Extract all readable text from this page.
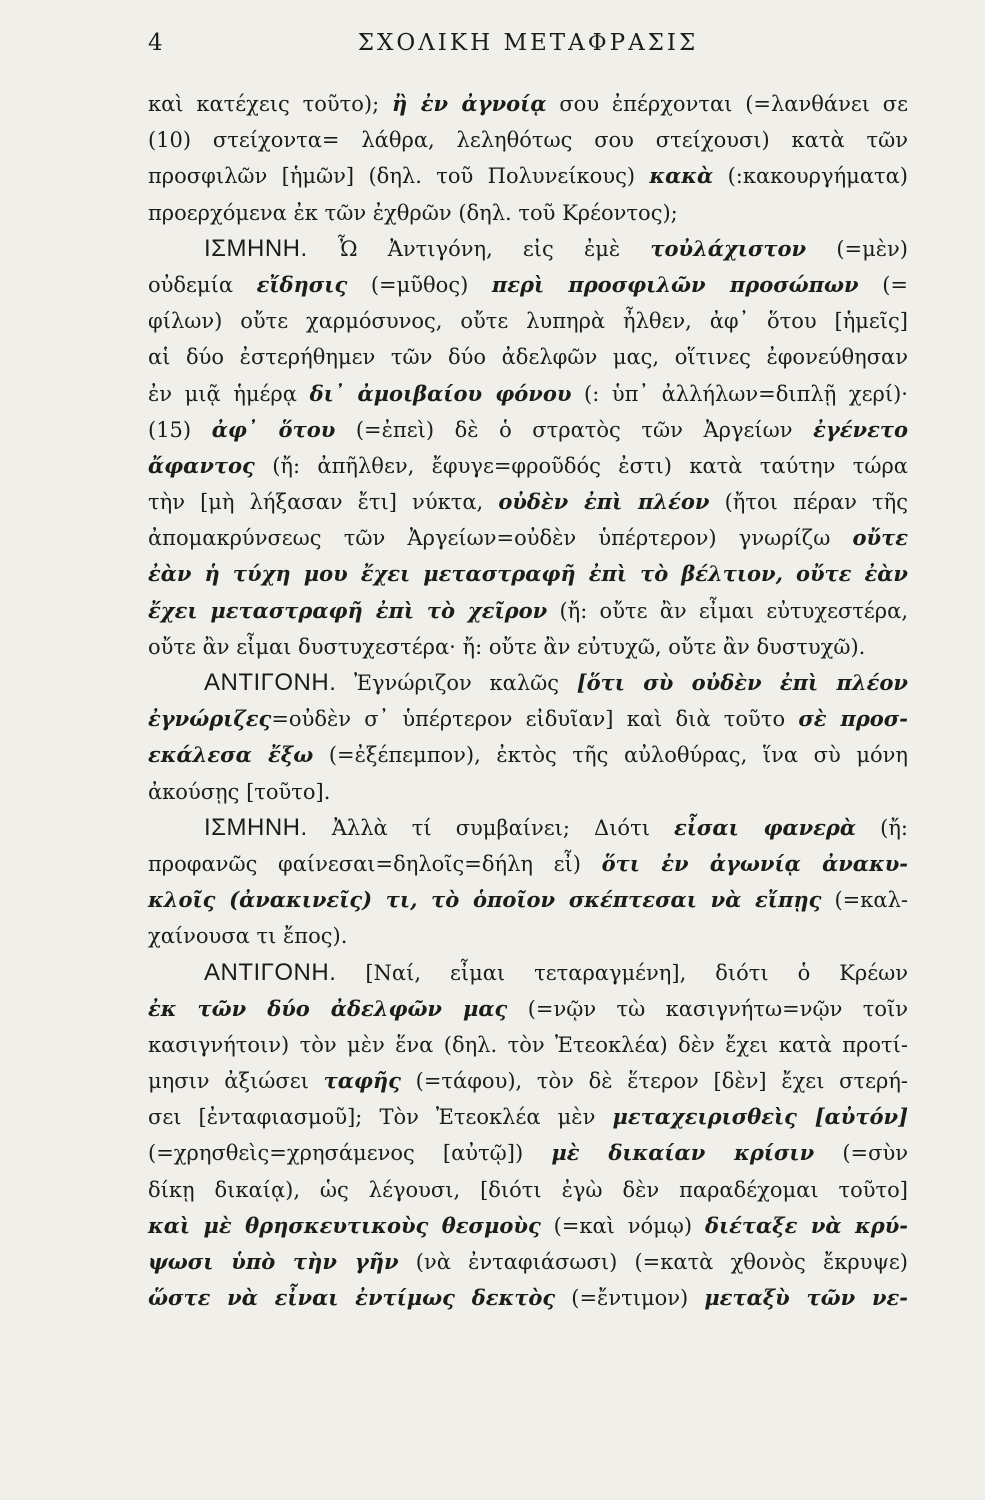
4	ΣΧΟΛΙΚΗ ΜΕΤΑΦΡΑΣΙΣ
καὶ κατέχεις τοῦτο); ἢ ἐν ἀγνοίᾳ σου ἐπέρχονται (=λανθάνει σε
(10) στείχοντα= λάθρα, λεληθότως σου στείχουσι) κατὰ τῶν
προσφιλῶν [ἡμῶν] (δηλ. τοῦ Πολυνείκους) κακὰ (:κακουργήματα)
προερχόμενα ἐκ τῶν ἐχθρῶν (δηλ. τοῦ Κρέοντος);
ΙΣΜΗΝΗ. Ὦ Ἀντιγόνη, εἰς ἐμὲ τοὐλάχιστον (=μὲν)
οὐδεμία εἴδησις (=μῦθος) περὶ προσφιλῶν προσώπων (=
φίλων) οὔτε χαρμόσυνος, οὔτε λυπηρὰ ἦλθεν, ἀφ᾽ ὅτου [ἡμεῖς]
αἱ δύο ἐστερήθημεν τῶν δύο ἀδελφῶν μας, οἵτινες ἐφονεύθησαν
ἐν μιᾷ ἡμέρᾳ δι᾽ ἀμοιβαίου φόνου (: ὑπ᾽ ἀλλήλων=διπλῇ χερί)·
(15) ἀφ᾽ ὅτου (=ἐπεὶ) δὲ ὁ στρατὸς τῶν Ἀργείων ἐγένετο
ἄφαντος (ἤ: ἀπῆλθεν, ἔφυγε=φροῦδός ἐστι) κατὰ ταύτην τώρα
τὴν [μὴ λήξασαν ἔτι] νύκτα, οὐδὲν ἐπὶ πλέον (ἤτοι πέραν τῆς
ἀπομακρύνσεως τῶν Ἀργείων=οὐδὲν ὑπέρτερον) γνωρίζω οὔτε
ἐὰν ἡ τύχη μου ἔχει μεταστραφῆ ἐπὶ τὸ βέλτιον, οὔτε ἐὰν
ἔχει μεταστραφῆ ἐπὶ τὸ χεῖρον (ἤ: οὔτε ἂν εἶμαι εὐτυχεστέρα,
οὔτε ἂν εἶμαι δυστυχεστέρα· ἤ: οὔτε ἂν εὐτυχῶ, οὔτε ἂν δυστυχῶ).
ΑΝΤΙΓΟΝΗ. Ἐγνώριζον καλῶς [ὅτι σὺ οὐδὲν ἐπὶ πλέον
ἐγνώριζες=οὐδὲν σ᾽ ὑπέρτερον εἰδυῖαν] καὶ διὰ τοῦτο σὲ προσ-
εκάλεσα ἔξω (=ἐξέπεμπον), ἐκτὸς τῆς αὐλοθύρας, ἵνα σὺ μόνη
ἀκούσῃς [τοῦτο].
ΙΣΜΗΝΗ. Ἀλλὰ τί συμβαίνει; Διότι εἶσαι φανερὰ (ἤ:
προφανῶς φαίνεσαι=δηλοῖς=δήλη εἶ) ὅτι ἐν ἀγωνίᾳ ἀνακυ-
κλοῖς (ἀνακινεῖς) τι, τὸ ὁποῖον σκέπτεσαι νὰ εἴπῃς (=καλ-
χαίνουσα τι ἔπος).
ΑΝΤΙΓΟΝΗ. [Ναί, εἶμαι τεταραγμένη], διότι ὁ Κρέων
ἐκ τῶν δύο ἀδελφῶν μας (=νῷν τὼ κασιγνήτω=νῷν τοῖν
κασιγνήτοιν) τὸν μὲν ἕνα (δηλ. τὸν Ἐτεοκλέα) δὲν ἔχει κατὰ προτί-
μησιν ἀξιώσει ταφῆς (=τάφου), τὸν δὲ ἕτερον [δὲν] ἔχει στερή-
σει [ἐνταφιασμοῦ]; Τὸν Ἐτεοκλέα μὲν μεταχειρισθεὶς [αὐτόν]
(=χρησθεὶς=χρησάμενος [αὐτῷ]) μὲ δικαίαν κρίσιν (=σὺν
δίκῃ δικαίᾳ), ὡς λέγουσι, [διότι ἐγὼ δὲν παραδέχομαι τοῦτο]
καὶ μὲ θρησκευτικοὺς θεσμοὺς (=καὶ νόμῳ) διέταξε νὰ κρύ-
ψωσι ὑπὸ τὴν γῆν (νὰ ἐνταφιάσωσι) (=κατὰ χθονὸς ἔκρυψε)
ὥστε νὰ εἶναι ἐντίμως δεκτὸς (=ἔντιμον) μεταξὺ τῶν νε-
